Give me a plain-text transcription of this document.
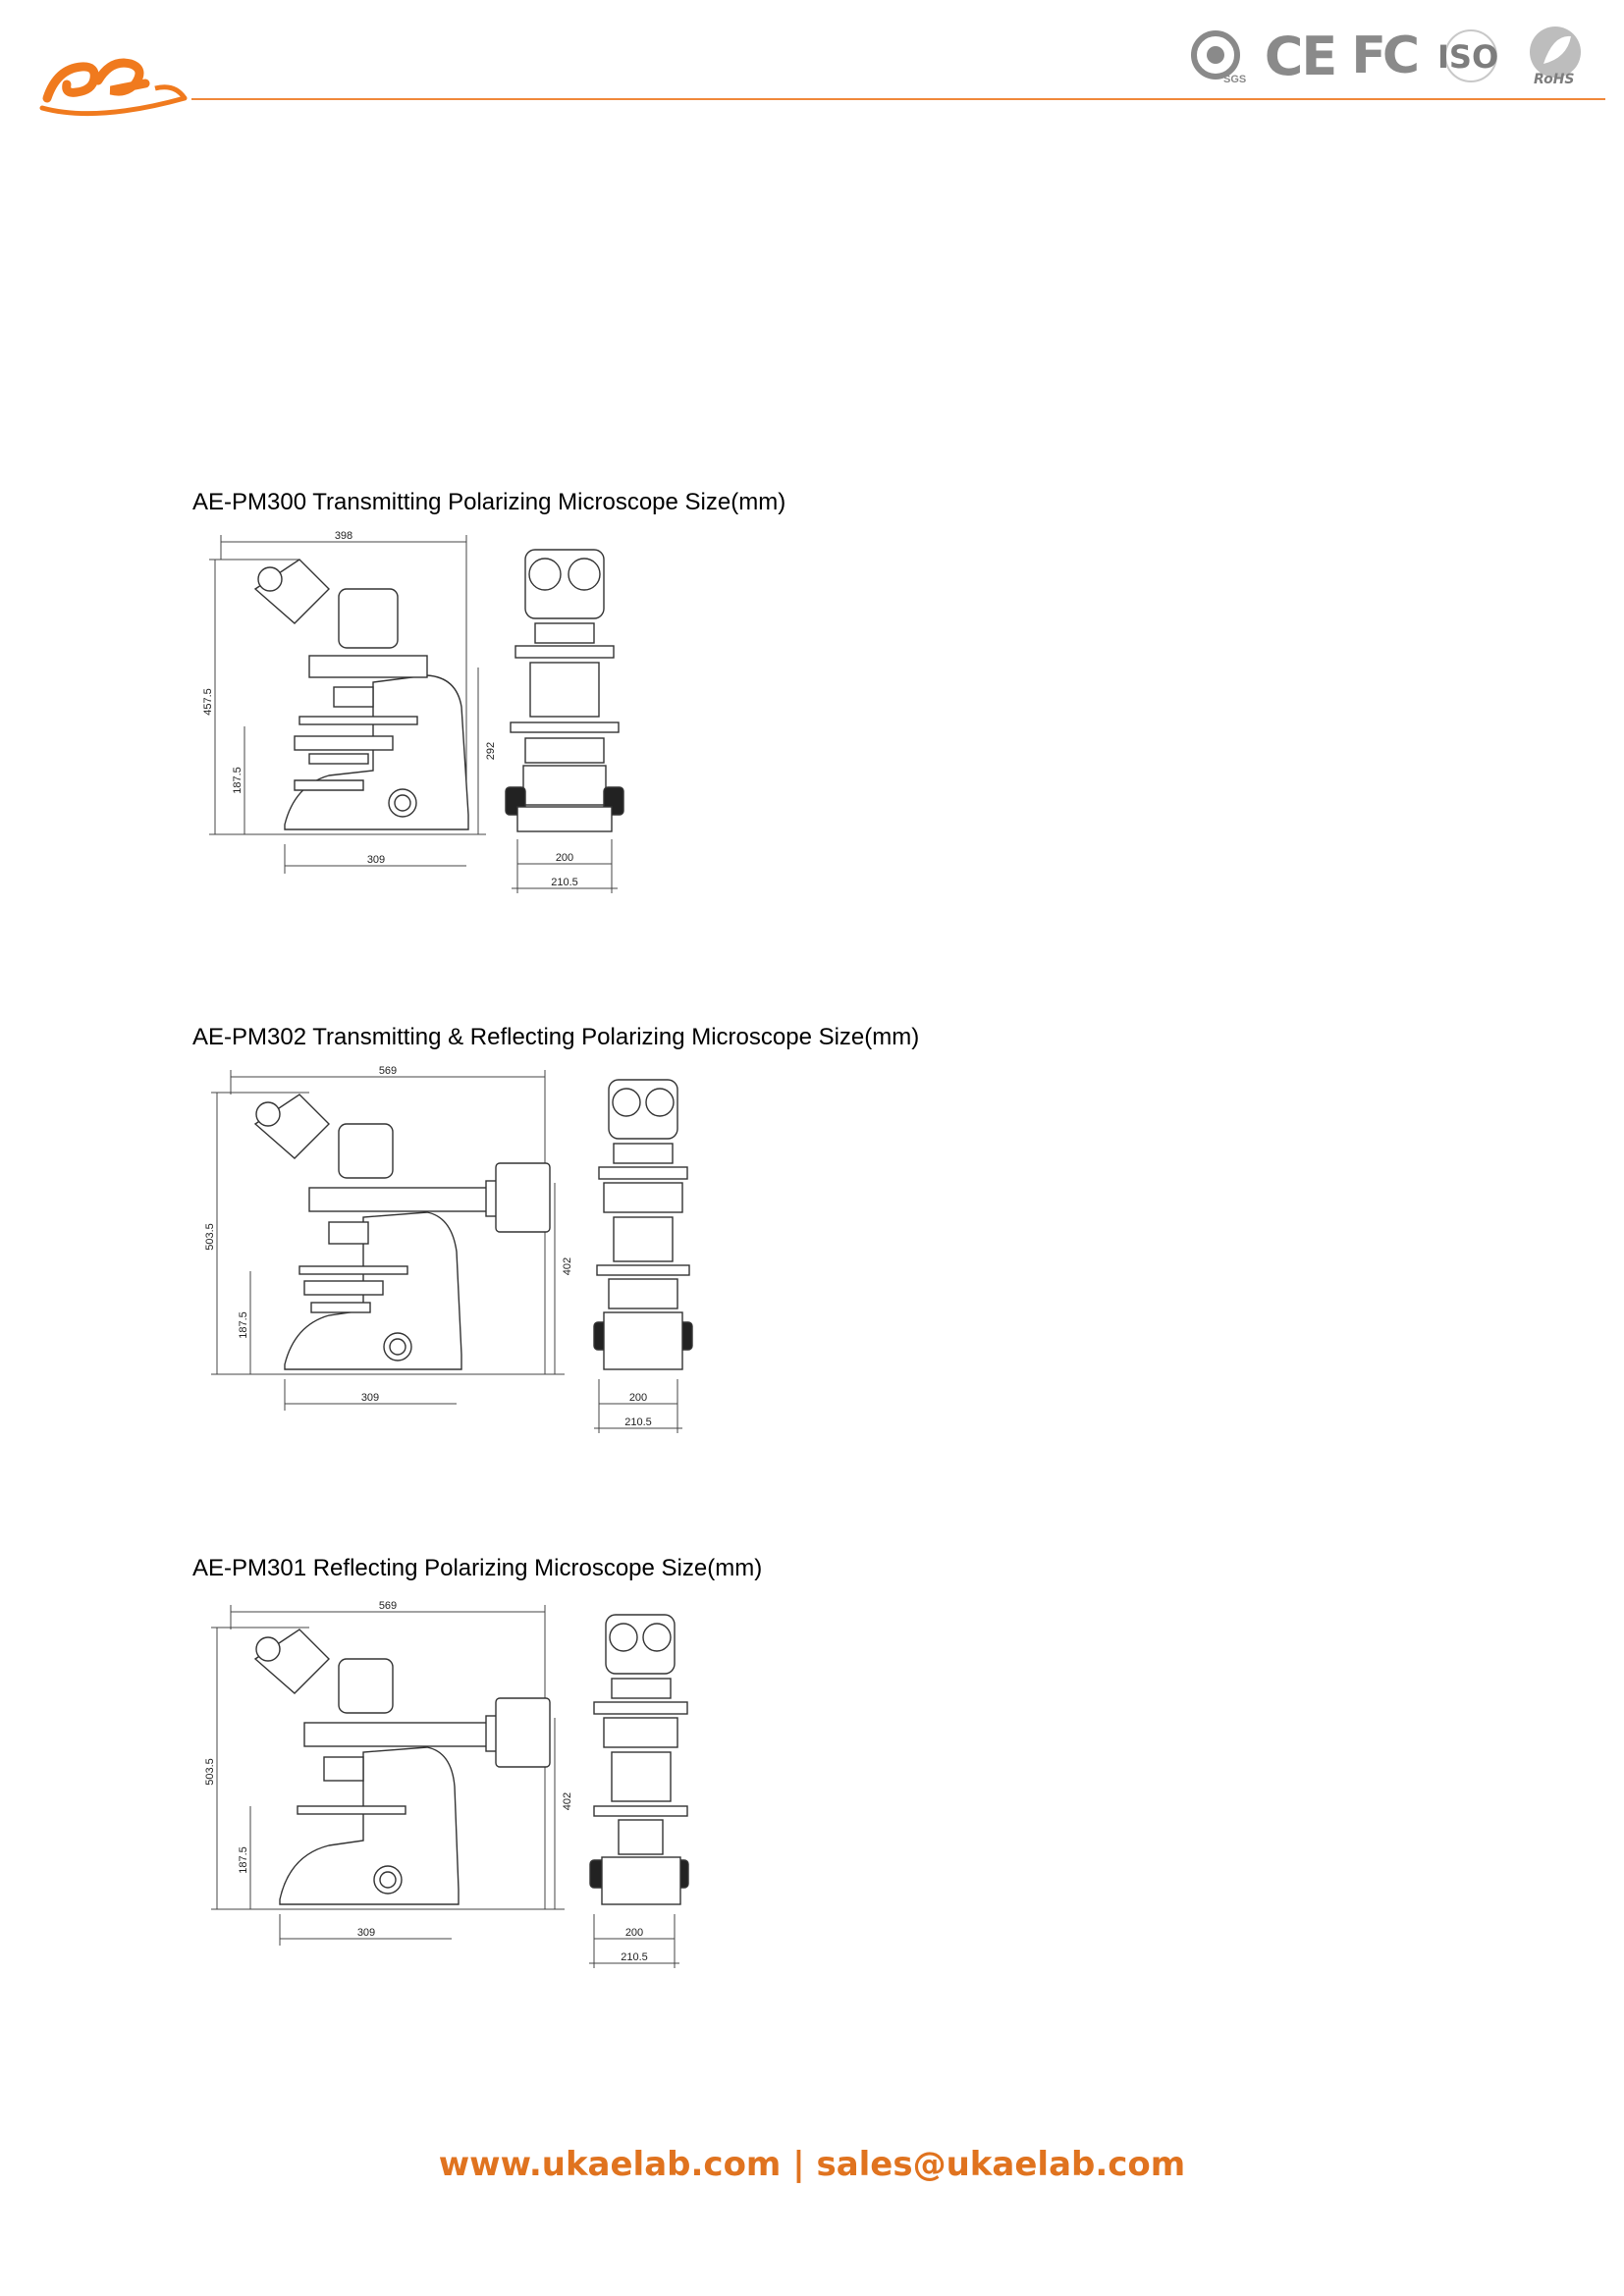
SGS CE FC ISO
RoHS
AE-PM300 Transmitting Polarizing Microscope Size(mm)
398
457.5
187.5
292
309	200
210.5
AE-PM302 Transmitting & Reflecting Polarizing Microscope Size(mm)
569
503.5
187.5
402
309	200
210.5
AE-PM301 Reflecting Polarizing Microscope Size(mm)
569
503.5
187.5
402
309	200
210.5
www.ukaelab.com | sales@ukaelab.com
